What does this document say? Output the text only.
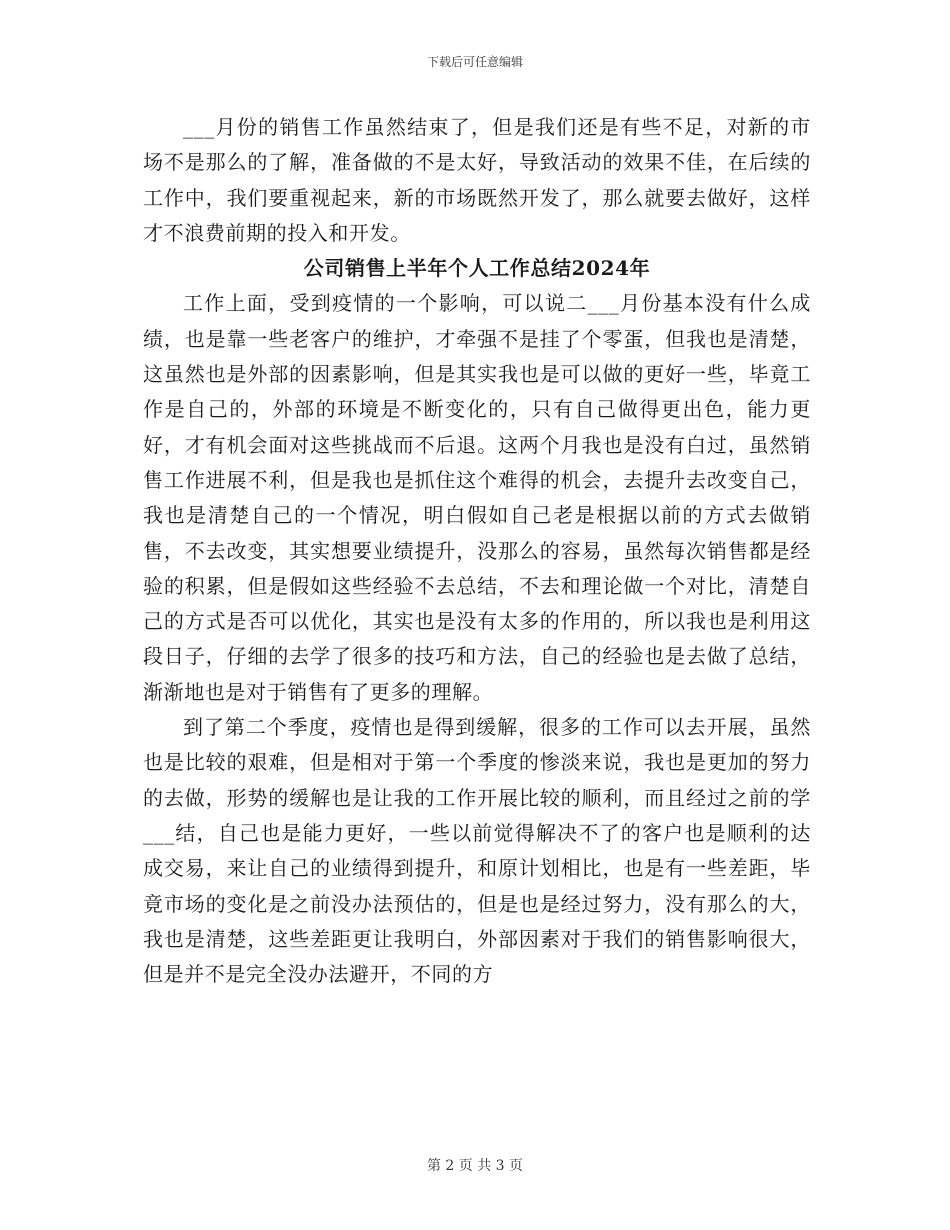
下载后可任意编辑

___月份的销售工作虽然结束了，但是我们还是有些不足，对新的市场不是那么的了解，准备做的不是太好，导致活动的效果不佳，在后续的工作中，我们要重视起来，新的市场既然开发了，那么就要去做好，这样才不浪费前期的投入和开发。

公司销售上半年个人工作总结2024年

工作上面，受到疫情的一个影响，可以说二___月份基本没有什么成绩，也是靠一些老客户的维护，才牵强不是挂了个零蛋，但我也是清楚，这虽然也是外部的因素影响，但是其实我也是可以做的更好一些，毕竟工作是自己的，外部的环境是不断变化的，只有自己做得更出色，能力更好，才有机会面对这些挑战而不后退。这两个月我也是没有白过，虽然销售工作进展不利，但是我也是抓住这个难得的机会，去提升去改变自己，我也是清楚自己的一个情况，明白假如自己老是根据以前的方式去做销售，不去改变，其实想要业绩提升，没那么的容易，虽然每次销售都是经验的积累，但是假如这些经验不去总结，不去和理论做一个对比，清楚自己的方式是否可以优化，其实也是没有太多的作用的，所以我也是利用这段日子，仔细的去学了很多的技巧和方法，自己的经验也是去做了总结，渐渐地也是对于销售有了更多的理解。

到了第二个季度，疫情也是得到缓解，很多的工作可以去开展，虽然也是比较的艰难，但是相对于第一个季度的惨淡来说，我也是更加的努力的去做，形势的缓解也是让我的工作开展比较的顺利，而且经过之前的学___结，自己也是能力更好，一些以前觉得解决不了的客户也是顺利的达成交易，来让自己的业绩得到提升，和原计划相比，也是有一些差距，毕竟市场的变化是之前没办法预估的，但是也是经过努力，没有那么的大，我也是清楚，这些差距更让我明白，外部因素对于我们的销售影响很大，但是并不是完全没办法避开，不同的方

第 2 页 共 3 页
